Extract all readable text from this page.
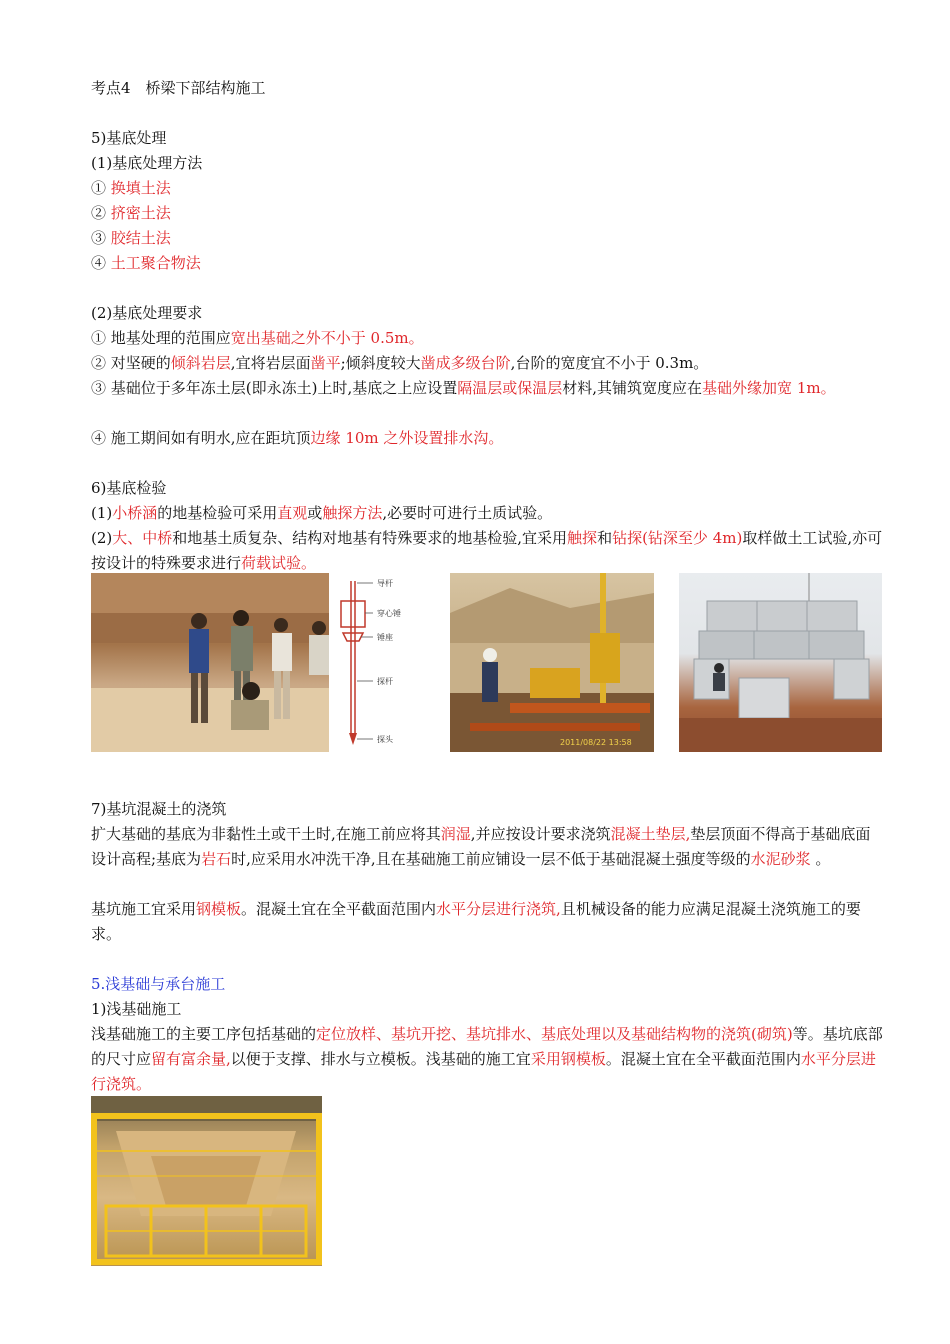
考点4　桥梁下部结构施工
5)基底处理
(1)基底处理方法
① 换填土法
② 挤密土法
③ 胶结土法
④ 土工聚合物法
(2)基底处理要求
① 地基处理的范围应宽出基础之外不小于 0.5m。
② 对坚硬的倾斜岩层,宜将岩层面凿平;倾斜度较大凿成多级台阶,台阶的宽度宜不小于 0.3m。
③ 基础位于多年冻土层(即永冻土)上时,基底之上应设置隔温层或保温层材料,其铺筑宽度应在基础外缘加宽 1m。
④ 施工期间如有明水,应在距坑顶边缘 10m 之外设置排水沟。
6)基底检验
(1)小桥涵的地基检验可采用直观或触探方法,必要时可进行土质试验。
(2)大、中桥和地基土质复杂、结构对地基有特殊要求的地基检验,宜采用触探和钻探(钻深至少 4m)取样做土工试验,亦可按设计的特殊要求进行荷载试验。
导杆
穿心锤
锤座
探杆
探头	2011/08/22 13:58
7)基坑混凝土的浇筑
扩大基础的基底为非黏性土或干土时,在施工前应将其润湿,并应按设计要求浇筑混凝土垫层,垫层顶面不得高于基础底面设计高程;基底为岩石时,应采用水冲洗干净,且在基础施工前应铺设一层不低于基础混凝土强度等级的水泥砂浆 。
基坑施工宜采用钢模板。混凝土宜在全平截面范围内水平分层进行浇筑,且机械设备的能力应满足混凝土浇筑施工的要求。
5.浅基础与承台施工
1)浅基础施工
浅基础施工的主要工序包括基础的定位放样、基坑开挖、基坑排水、基底处理以及基础结构物的浇筑(砌筑)等。基坑底部的尺寸应留有富余量,以便于支撑、排水与立模板。浅基础的施工宜采用钢模板。混凝土宜在全平截面范围内水平分层进行浇筑。
